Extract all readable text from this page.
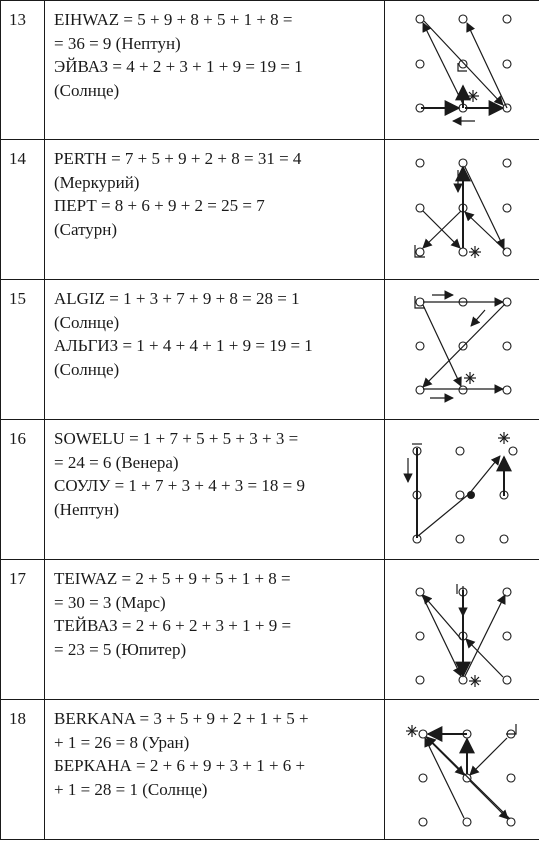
13	EIHWAZ = 5 + 9 + 8 + 5 + 1 + 8 =
= 36 = 9 (Нептун)
ЭЙВАЗ = 4 + 2 + 3 + 1 + 9 = 19 = 1
(Солнце)

14	PERTH = 7 + 5 + 9 + 2 + 8 = 31 = 4
(Меркурий)
ПЕРТ = 8 + 6 + 9 + 2 = 25 = 7
(Сатурн)

15	ALGIZ = 1 + 3 + 7 + 9 + 8 = 28 = 1
(Солнце)
АЛЬГИЗ = 1 + 4 + 4 + 1 + 9 = 19 = 1
(Солнце)

16	SOWELU = 1 + 7 + 5 + 5 + 3 + 3 =
= 24 = 6 (Венера)
СОУЛУ = 1 + 7 + 3 + 4 + 3 = 18 = 9
(Нептун)

17	TEIWAZ = 2 + 5 + 9 + 5 + 1 + 8 =
= 30 = 3 (Марс)
ТЕЙВАЗ = 2 + 6 + 2 + 3 + 1 + 9 =
= 23 = 5 (Юпитер)

18	BERKANA = 3 + 5 + 9 + 2 + 1 + 5 +
+ 1 = 26 = 8 (Уран)
БЕРКАНА = 2 + 6 + 9 + 3 + 1 + 6 +
+ 1 = 28 = 1 (Солнце)
